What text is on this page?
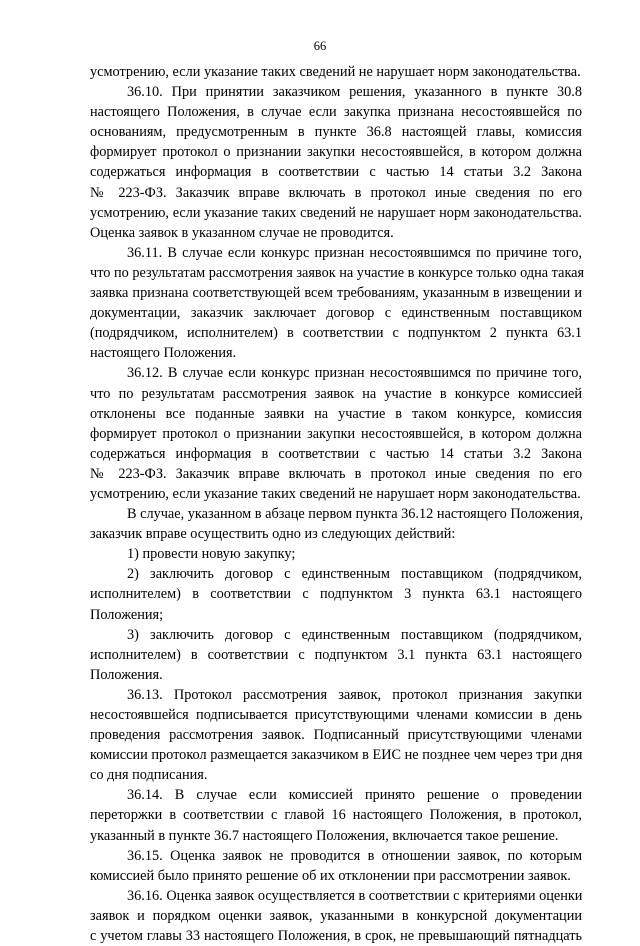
66
усмотрению, если указание таких сведений не нарушает норм законодательства.
36.10. При принятии заказчиком решения, указанного в пункте 30.8
настоящего Положения, в случае если закупка признана несостоявшейся по
основаниям, предусмотренным в пункте 36.8 настоящей главы, комиссия
формирует протокол о признании закупки несостоявшейся, в котором должна
содержаться информация в соответствии с частью 14 статьи 3.2 Закона
№ 223-ФЗ. Заказчик вправе включать в протокол иные сведения по его
усмотрению, если указание таких сведений не нарушает норм законодательства.
Оценка заявок в указанном случае не проводится.
36.11. В случае если конкурс признан несостоявшимся по причине того,
что по результатам рассмотрения заявок на участие в конкурсе только одна такая
заявка признана соответствующей всем требованиям, указанным в извещении и
документации, заказчик заключает договор с единственным поставщиком
(подрядчиком, исполнителем) в соответствии с подпунктом 2 пункта 63.1
настоящего Положения.
36.12. В случае если конкурс признан несостоявшимся по причине того,
что по результатам рассмотрения заявок на участие в конкурсе комиссией
отклонены все поданные заявки на участие в таком конкурсе, комиссия
формирует протокол о признании закупки несостоявшейся, в котором должна
содержаться информация в соответствии с частью 14 статьи 3.2 Закона
№ 223-ФЗ. Заказчик вправе включать в протокол иные сведения по его
усмотрению, если указание таких сведений не нарушает норм законодательства.
В случае, указанном в абзаце первом пункта 36.12 настоящего Положения,
заказчик вправе осуществить одно из следующих действий:
1) провести новую закупку;
2) заключить договор с единственным поставщиком (подрядчиком,
исполнителем) в соответствии с подпунктом 3 пункта 63.1 настоящего
Положения;
3) заключить договор с единственным поставщиком (подрядчиком,
исполнителем) в соответствии с подпунктом 3.1 пункта 63.1 настоящего
Положения.
36.13. Протокол рассмотрения заявок, протокол признания закупки
несостоявшейся подписывается присутствующими членами комиссии в день
проведения рассмотрения заявок. Подписанный присутствующими членами
комиссии протокол размещается заказчиком в ЕИС не позднее чем через три дня
со дня подписания.
36.14. В случае если комиссией принято решение о проведении
переторжки в соответствии с главой 16 настоящего Положения, в протокол,
указанный в пункте 36.7 настоящего Положения, включается такое решение.
36.15. Оценка заявок не проводится в отношении заявок, по которым
комиссией было принято решение об их отклонении при рассмотрении заявок.
36.16. Оценка заявок осуществляется в соответствии с критериями оценки
заявок и порядком оценки заявок, указанными в конкурсной документации
с учетом главы 33 настоящего Положения, в срок, не превышающий пятнадцать
